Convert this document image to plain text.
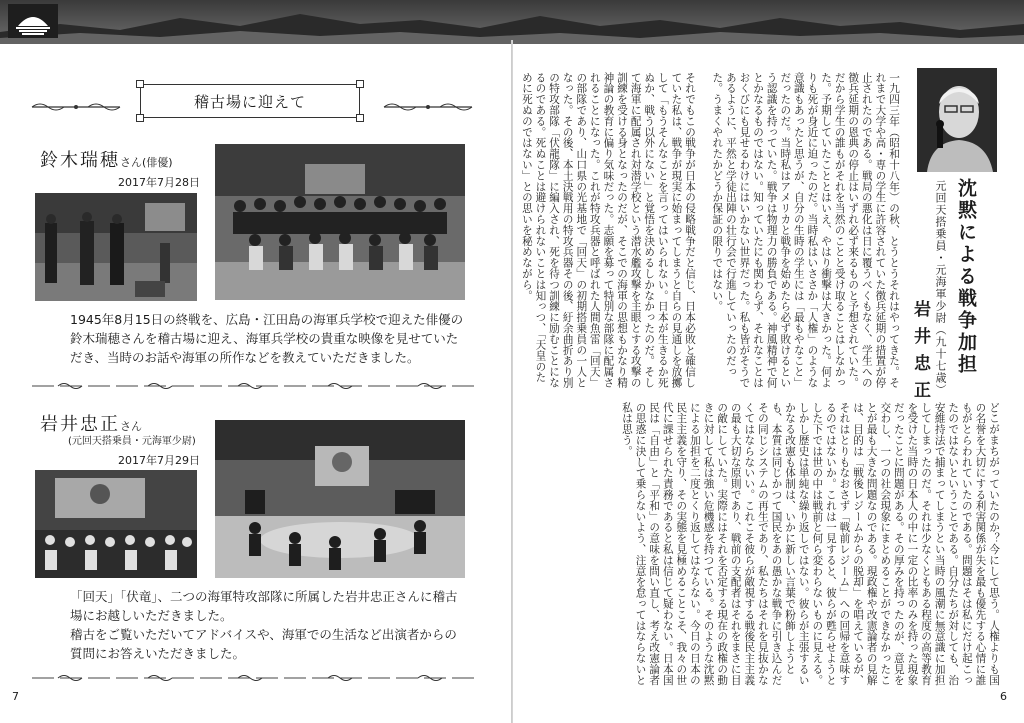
稽古場に迎えて
鈴木瑞穂さん(俳優)
2017年7月28日
1945年8月15日の終戦を、広島・江田島の海軍兵学校で迎えた俳優の
鈴木瑞穂さんを稽古場に迎え、海軍兵学校の貴重な映像を見せていた
だき、当時のお話や海軍の所作などを教えていただきました。
岩井忠正さん
(元回天搭乗員・元海軍少尉)
2017年7月29日
「回天」「伏竜」、二つの海軍特攻部隊に所属した岩井忠正さんに稽古
場にお越しいただきました。
稽古をご覧いただいてアドバイスや、海軍での生活など出演者からの
質問にお答えいただきました。
7
沈黙による戦争加担
元回天搭乗員・元海軍少尉（九十七歳）
岩井忠正
一九四三年（昭和十八年）の秋、とうとうそれはやってきた。それまで大学や高・専の学生に許容されていた徴兵延期の措置が停止されたのである。戦局の悪化は日に覆うべくもなく、学生への徴兵延期の恩典の停止はいずれ必ず来るものと予想されていた。だから学生の誰もがそれを当然のことと受け取ることはしなかった。予期していたこととはいえ、やはり衝撃は大きかった。何よりも死が身近に迫ったのだ。当時私はいささか「人権」のような意識もあったと思うが、自分の生時の学生には「最もやなこと」だったのだ。当時私はアメリカと戦争を始めたら必ず敗けるという認識を持っていた。戦争は物理力の勝負である。神風精神で何とかなるものではない。知っていたにも関わらず、それなことはおくびにも見せるわけにはいかない世界だった。私も皆がそうであるように、平然と学徒出陣の壮行会で行進していったのだった。うまくやれたかどうか保証の限りではない。
それでもこの戦争が日本の侵略戦争だと信じ、日本必敗と確信していた私は、戦争が現実に始まってしまうと自らの見通しを放擲して「もうそんなことを言ってはいられない。日本が生きるか死ぬか、戦う以外にない」と覚悟を決めるしかなかったのだ。そして海軍に配属され対潜学校という潜水艦攻撃を主眼とする攻撃の訓練を受ける身となったのだが、そこでの海軍の思想もかなり精神論の教育に偏り気味だった。志願を募って特別な部隊に配属されることになった。これが特攻兵器と呼ばれた人間魚雷「回天」の部隊であり、山口県の光基地で「回天」の初期搭乗員の一人となった。その後、本土決戦用の特攻兵器その後、紆余曲折あり別の特攻部隊「伏龍隊」に編入され、死を待つ訓練に励むことになるのである。死ぬことは避けられないことは知っつ、「天皇のために死ぬのではない」との思いを秘めながら。
どこがまちがっていたのか？今にして思う。人権よりも国の名誉を大切にする利害関係が失を最も優先する心情に誰もがとらわれていたのである。問題はそは私にだけ起こったのではないということである。自分たちが対しても、治安維持法で捕まってしまうとい当時の風潮に無意識に加担してしまったのだ。それは少なくともある程度の高等教育を受けた当時の日本人の中に一定の比率のみを持った現象だったことに問題がある。その厚みを持ったのが、意見を交わし、一つの社会現象にまとめることができなかったことが最も大きな問題なのである。現政権や改憲論者の見解は、目的は「戦後レジームからの脱却」を唱えているが、それはとりもなおさず「戦前レジーム」への回帰を意味するのではないか。これは一見すると、彼らが甦らせようとした下では世の中は戦前と何ら変わらないものに見える。しかし歴史は単純な繰り返しではない。彼らが主張するいかなる改憲も体制は、いかに新しい言葉で粉飾しようとも、本質は同じかつて国民をあの愚かな戦争に引き込んだその同じシステムの再生であり、私たちはそれを見抜かなくてはならないい。これこそ彼らが敵視する戦後民主主義の最も大切な原則であり、戦前の支配者はそれをまさに目の敵にしていた。実際にはそれを否定する現在の政権の動きに対して私は強い危機感を持つている。そのような沈黙による加担を二度とくり返してはならない。今日の日本の民主主義を守り、その実態を見極めることこそ、我々の世代に課せられた責務であると私は信じて疑わない。日本国民は「自由」と「平和」の意味を問い直し、考え改憲論者の思惑に決して乗らないよう、注意を怠ってはならないと私は思う。
6
